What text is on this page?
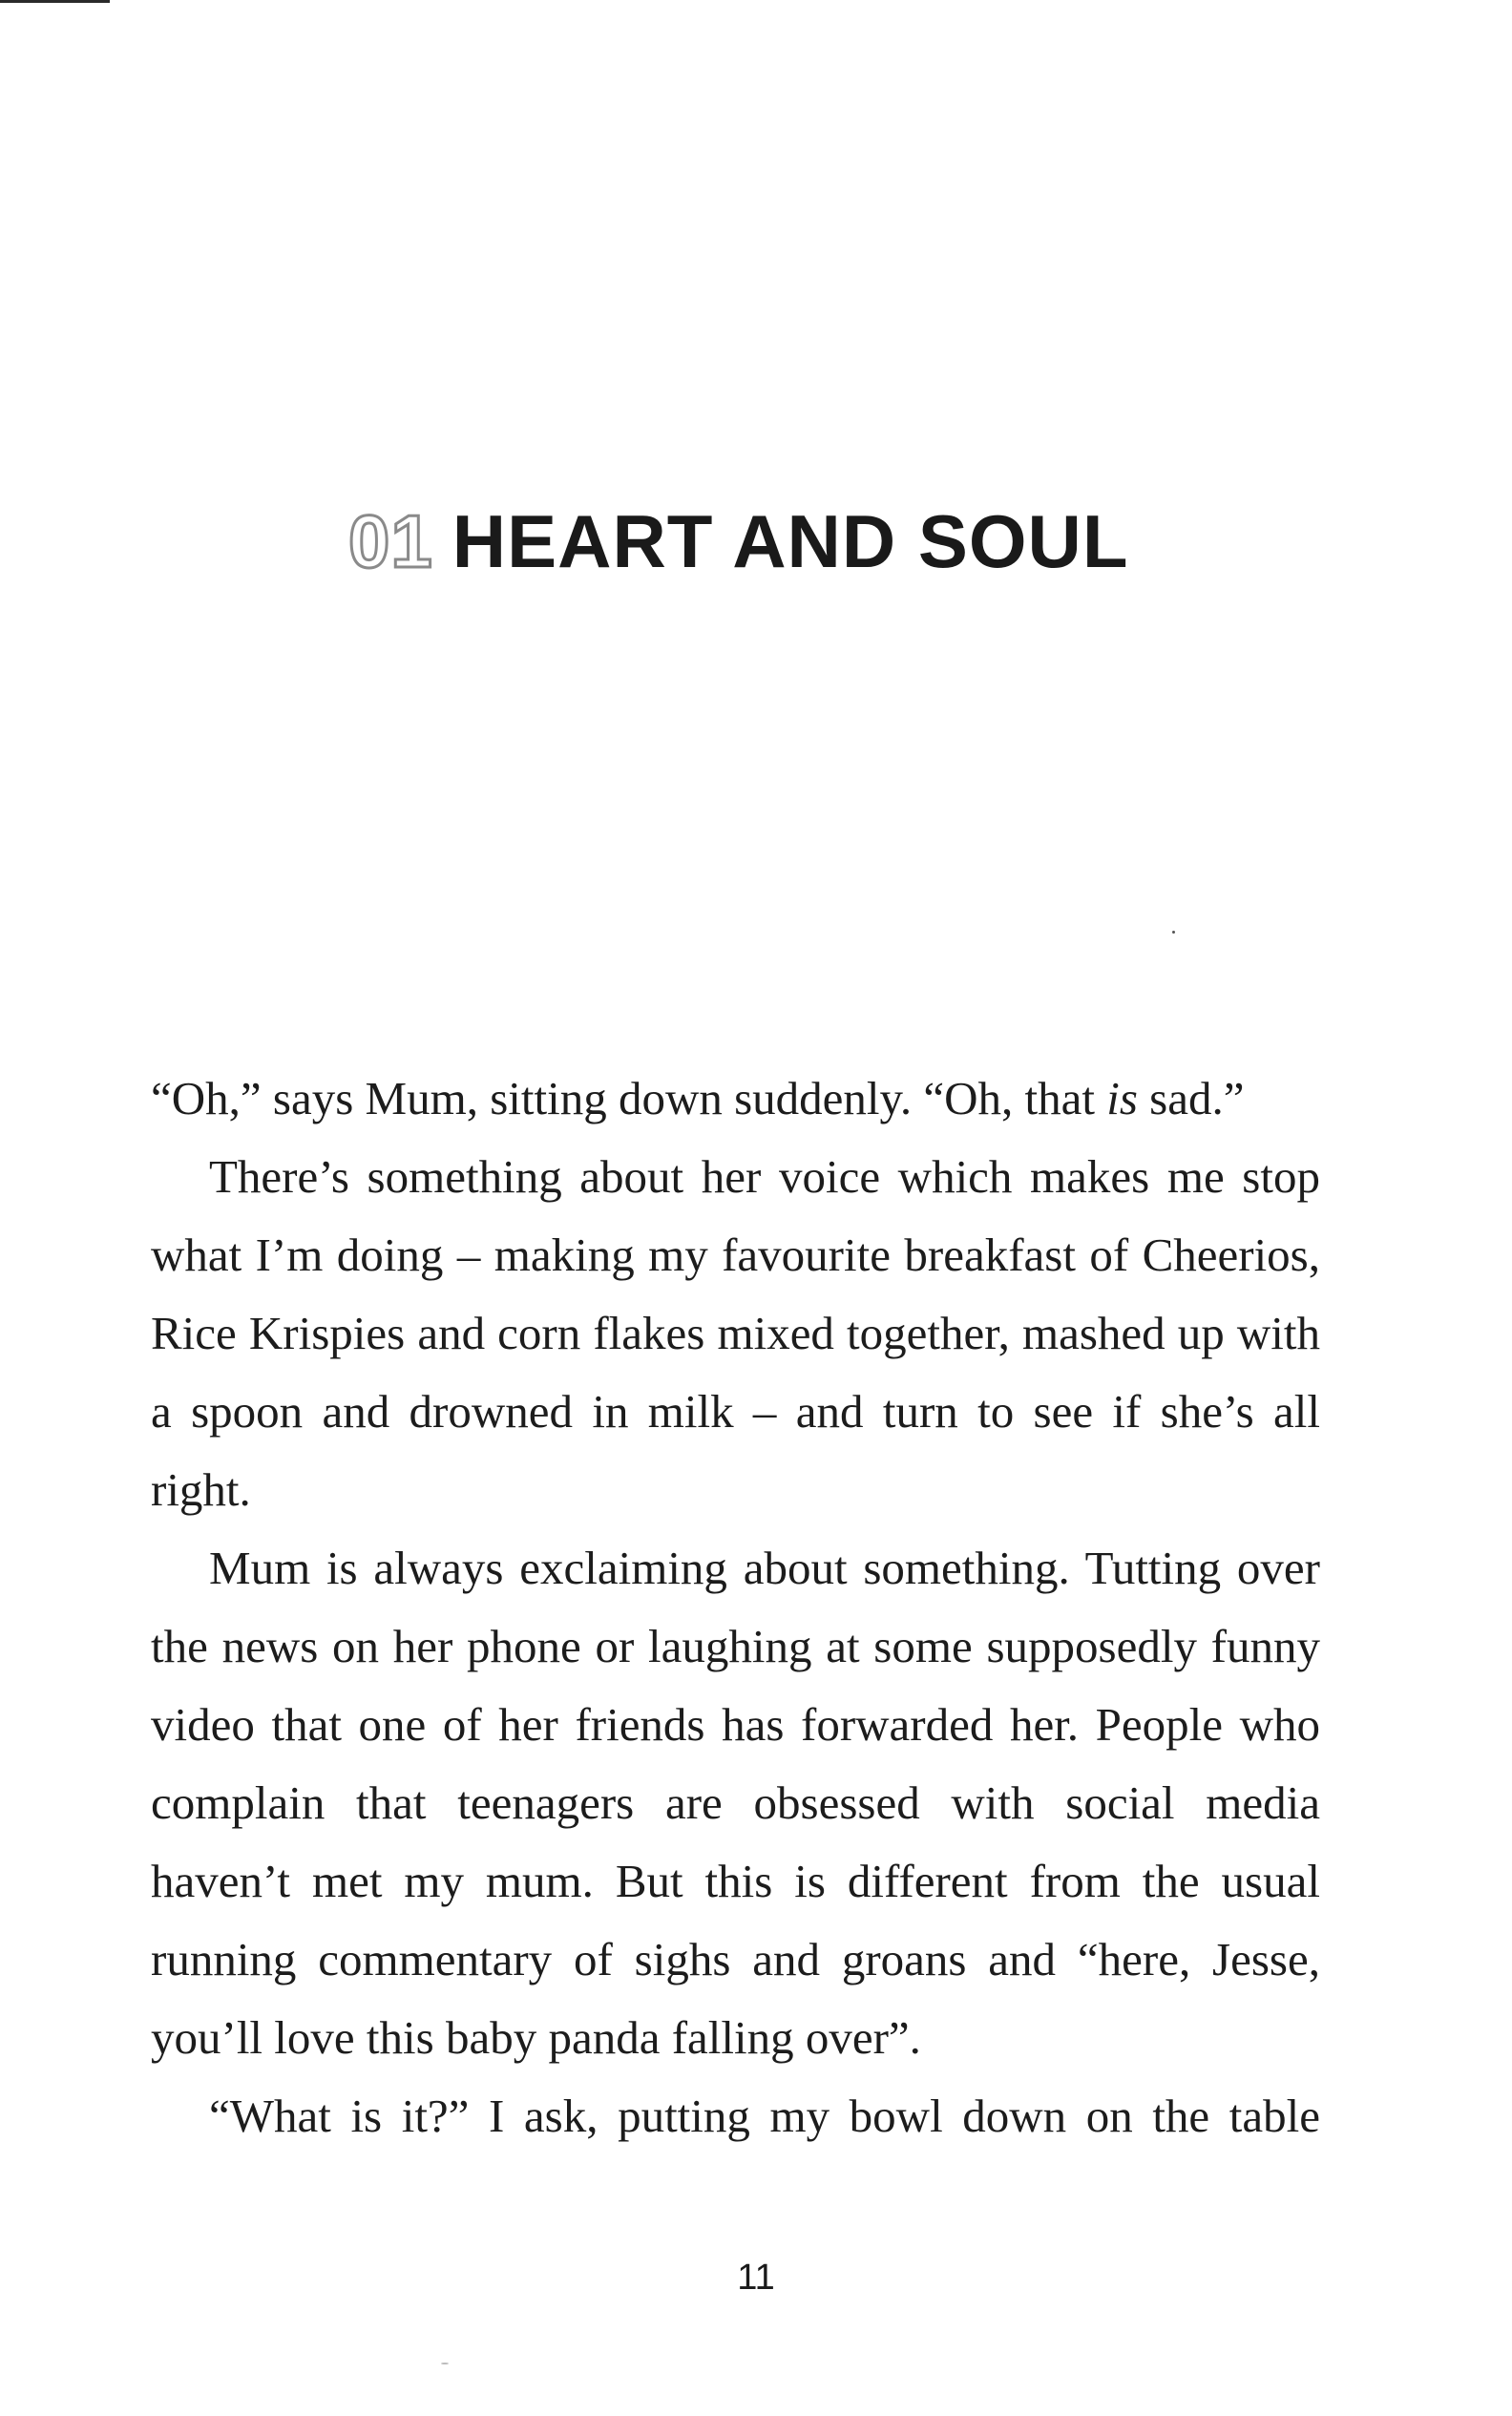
01 HEART AND SOUL

“Oh,” says Mum, sitting down suddenly. “Oh, that is sad.”

There’s something about her voice which makes me stop what I’m doing – making my favourite breakfast of Cheerios, Rice Krispies and corn flakes mixed together, mashed up with a spoon and drowned in milk – and turn to see if she’s all right.

Mum is always exclaiming about something. Tutting over the news on her phone or laughing at some supposedly funny video that one of her friends has forwarded her. People who complain that teenagers are obsessed with social media haven’t met my mum. But this is different from the usual running commentary of sighs and groans and “here, Jesse, you’ll love this baby panda falling over”.

“What is it?” I ask, putting my bowl down on the table

11
